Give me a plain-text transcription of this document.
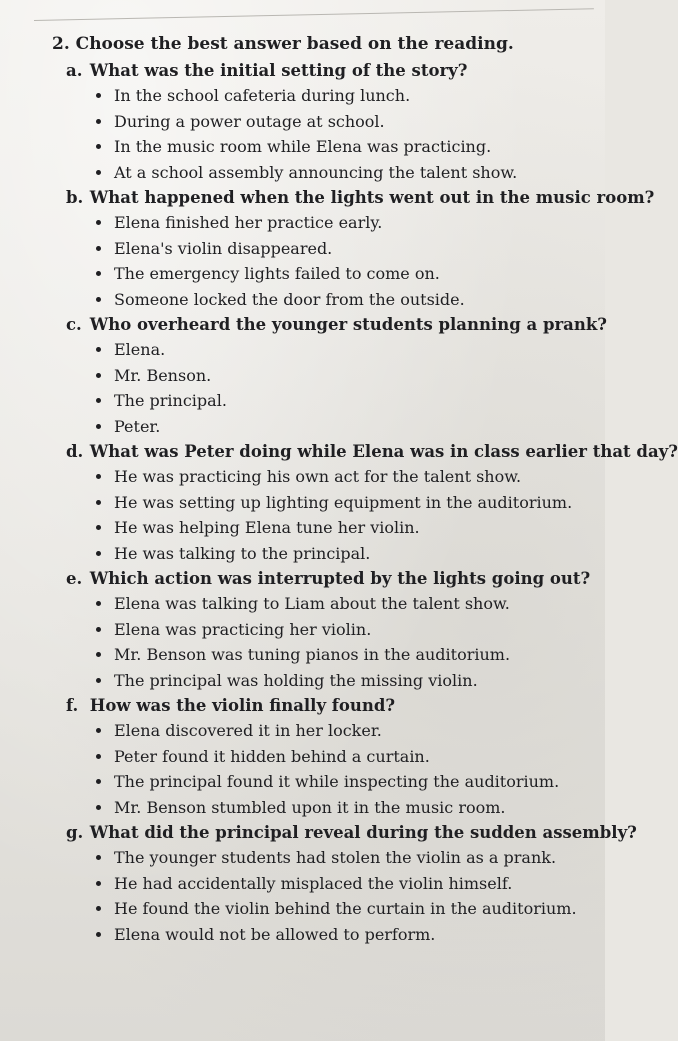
2. Choose the best answer based on the reading.

a. What was the initial setting of the story?

In the school cafeteria during lunch.
During a power outage at school.
In the music room while Elena was practicing.
At a school assembly announcing the talent show.

b. What happened when the lights went out in the music room?

Elena finished her practice early.
Elena's violin disappeared.
The emergency lights failed to come on.
Someone locked the door from the outside.

c. Who overheard the younger students planning a prank?

Elena.
Mr. Benson.
The principal.
Peter.

d. What was Peter doing while Elena was in class earlier that day?

He was practicing his own act for the talent show.
He was setting up lighting equipment in the auditorium.
He was helping Elena tune her violin.
He was talking to the principal.

e. Which action was interrupted by the lights going out?

Elena was talking to Liam about the talent show.
Elena was practicing her violin.
Mr. Benson was tuning pianos in the auditorium.
The principal was holding the missing violin.

f. How was the violin finally found?

Elena discovered it in her locker.
Peter found it hidden behind a curtain.
The principal found it while inspecting the auditorium.
Mr. Benson stumbled upon it in the music room.

g. What did the principal reveal during the sudden assembly?

The younger students had stolen the violin as a prank.
He had accidentally misplaced the violin himself.
He found the violin behind the curtain in the auditorium.
Elena would not be allowed to perform.
